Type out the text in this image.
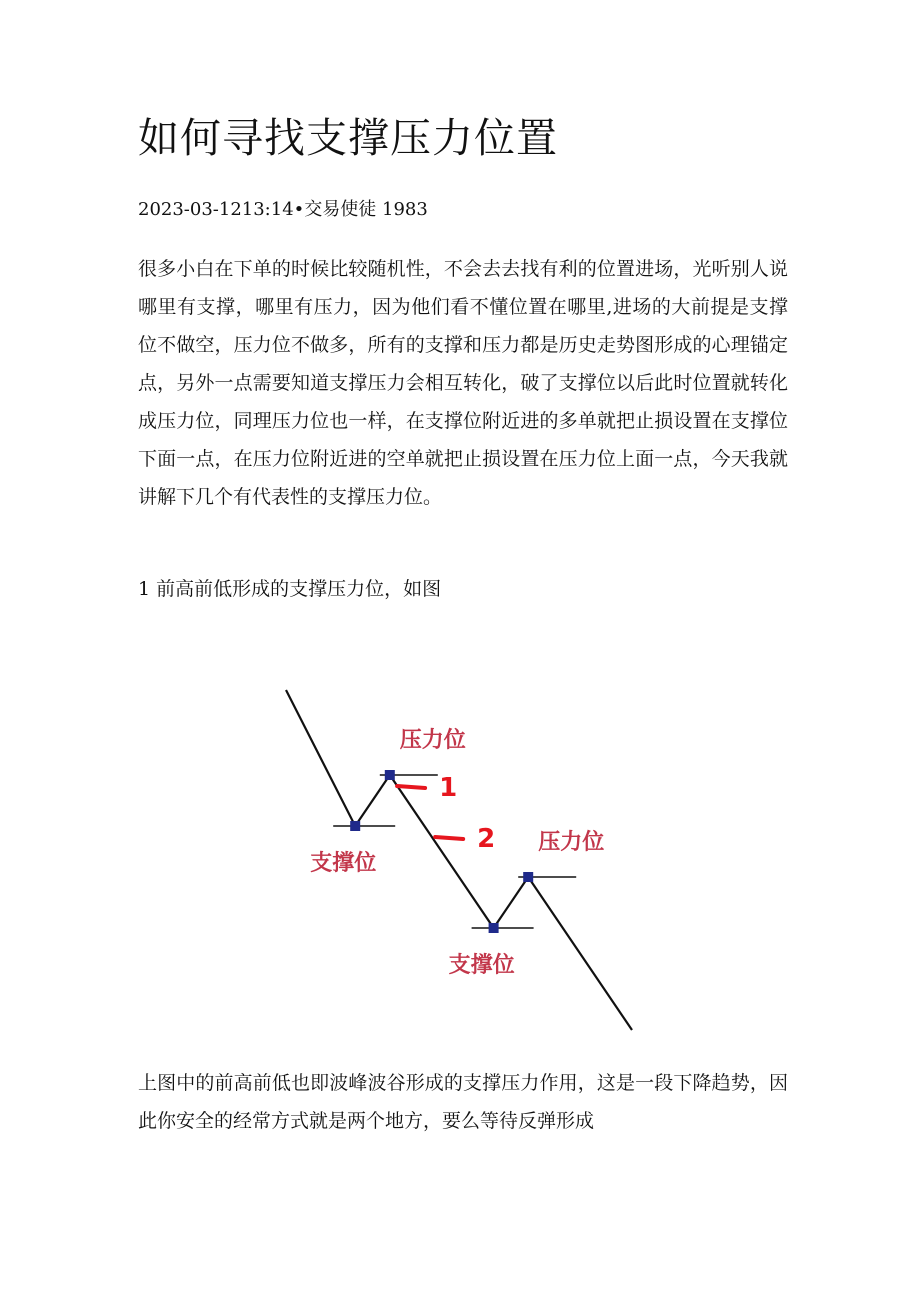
如何寻找支撑压力位置
2023-03-1213:14•交易使徒 1983

很多小白在下单的时候比较随机性，不会去去找有利的位置进场，光听别人说哪里有支撑，哪里有压力，因为他们看不懂位置在哪里,进场的大前提是支撑位不做空，压力位不做多，所有的支撑和压力都是历史走势图形成的心理锚定点，另外一点需要知道支撑压力会相互转化，破了支撑位以后此时位置就转化成压力位，同理压力位也一样，在支撑位附近进的多单就把止损设置在支撑位下面一点，在压力位附近进的空单就把止损设置在压力位上面一点，今天我就讲解下几个有代表性的支撑压力位。

1 前高前低形成的支撑压力位，如图
支撑位
压力位
支撑位
压力位
1
2

上图中的前高前低也即波峰波谷形成的支撑压力作用，这是一段下降趋势，因此你安全的经常方式就是两个地方，要么等待反弹形成
